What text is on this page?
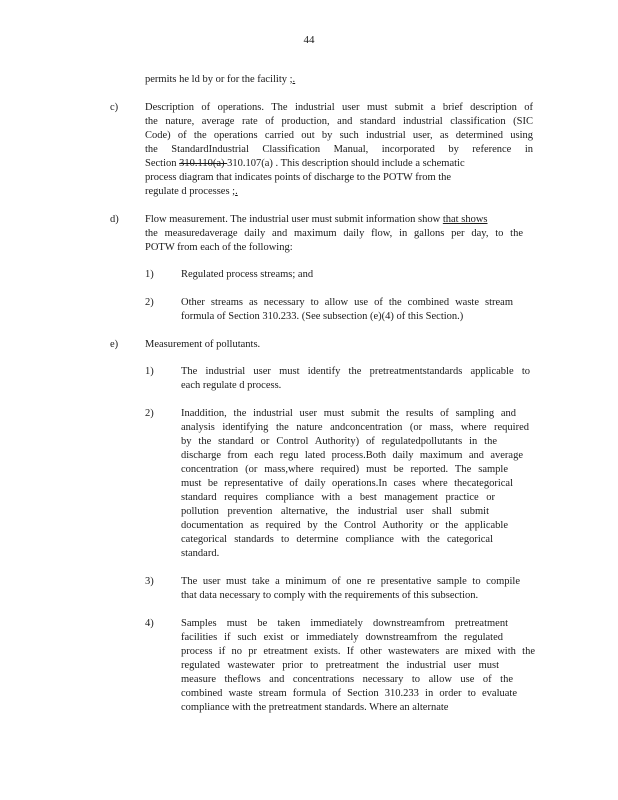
44
permits he ld by or for the facility ;.
c)	Description of operations. The industrial user must submit a brief description of
the nature, average rate of production, and standard industrial classification (SIC
Code) of the operations carried out by such industrial user, as determined using
the StandardIndustrial Classification Manual, incorporated by reference in
Section 310.110(a) 310.107(a) . This description should include a schematic
process diagram that indicates points of discharge to the POTW from the
regulate d processes ;.
d)	Flow measurement. The industrial user must submit information show that shows
the measuredaverage daily and maximum daily flow, in gallons per day, to the
POTW from each of the following:
1)	Regulated process streams; and
2)	Other streams as necessary to allow use of the combined waste stream
formula of Section 310.233. (See subsection (e)(4) of this Section.)
e)	Measurement of pollutants.
1)	The industrial user must identify the pretreatmentstandards applicable to
each regulate d process.
2)	Inaddition, the industrial user must submit the results of sampling and
analysis identifying the nature andconcentration (or mass, where required
by the standard or Control Authority) of regulatedpollutants in the
discharge from each regu lated process.Both daily maximum and average
concentration (or mass,where required) must be reported. The sample
must be representative of daily operations.In cases where thecategorical
standard requires compliance with a best management practice or
pollution prevention alternative, the industrial user shall submit
documentation as required by the Control Authority or the applicable
categorical standards to determine compliance with the categorical
standard.
3)	The user must take a minimum of one re presentative sample to compile
that data necessary to comply with the requirements of this subsection.
4)	Samples must be taken immediately downstreamfrom pretreatment
facilities if such exist or immediately downstreamfrom the regulated
process if no pr etreatment exists. If other wastewaters are mixed with the
regulated wastewater prior to pretreatment the industrial user must
measure theflows and concentrations necessary to allow use of the
combined waste stream formula of Section 310.233 in order to evaluate
compliance with the pretreatment standards. Where an alternate
